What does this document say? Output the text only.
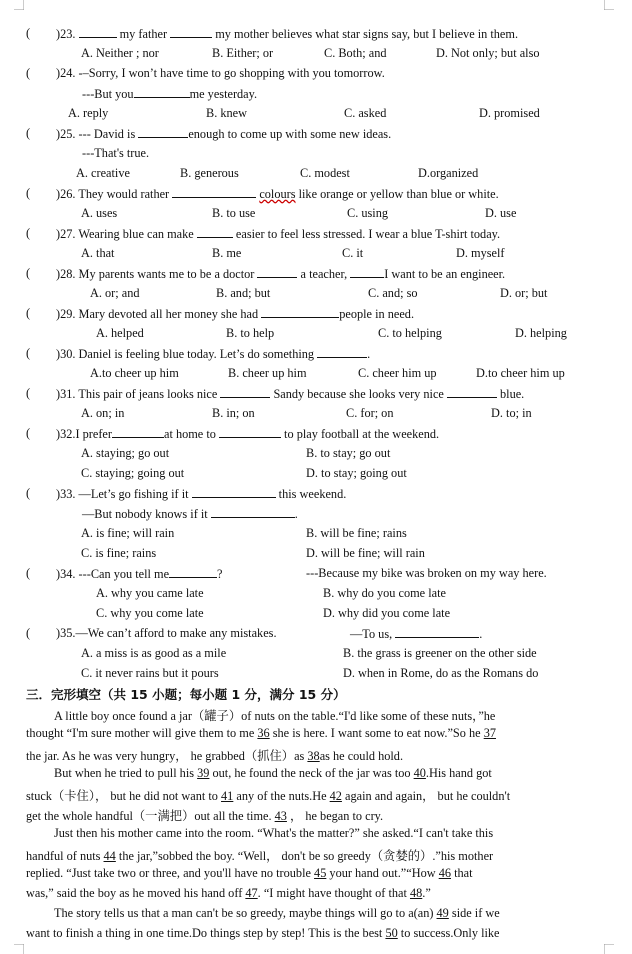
( )23.	my father	my mother believes what star signs say, but I believe in them.
A. Neither ; nor	B. Either; or	C. Both; and	D. Not only; but also
( )24. -–Sorry, I won’t have time to go shopping with you tomorrow.
---But you	me yesterday.
A. reply	B. knew	C. asked	D. promised
( )25. --- David is	enough to come up with some new ideas.
---That's true.
A. creative	B. generous	C. modest	D.organized
( )26. They would rather	colours like orange or yellow than blue or white.
A. uses	B. to use	C. using	D. use
( )27. Wearing blue can make	easier to feel less stressed. I wear a blue T-shirt today.
A. that	B. me	C. it	D. myself
( )28. My parents wants me to be a doctor	a teacher,	I want to be an engineer.
A. or; and	B. and; but	C. and; so	D. or; but
( )29. Mary devoted all her money she had	people in need.
A. helped	B. to help	C. to helping	D. helping
( )30. Daniel is feeling blue today. Let’s do something	.
A.to cheer up him	B. cheer up him	C. cheer him up	D.to cheer him up
( )31. This pair of jeans looks nice	Sandy because she looks very nice	blue.
A. on; in	B. in; on	C. for; on	D. to; in
( )32.I prefer	at home to	to play football at the weekend.
A. staying; go out	B. to stay; go out
C. staying; going out	D. to stay; going out
( )33. —Let’s go fishing if it	this weekend.
—But nobody knows if it	.
A. is fine; will rain	B. will be fine; rains
C. is fine; rains	D. will be fine; will rain
( )34. ---Can you tell me	?	---Because my bike was broken on my way here.
A. why you came late	B. why do you come late
C. why you come late	D. why did you come late
( )35.—We can’t afford to make any mistakes.	—To us,	.
A. a miss is as good as a mile	B. the grass is greener on the other side
C. it never rains but it pours	D. when in Rome, do as the Romans do
三．完形填空（共 15 小题；每小题 1 分，满分 15 分）
A little boy once found a jar（罐子）of nuts on the table.“I'd like some of these nuts，”he
thought “I'm sure mother will give them to me 36 she is here. I want some to eat now.”So he 37
the jar. As he was very hungry， he grabbed（抓住）as 38as he could hold.
But when he tried to pull his 39 out, he found the neck of the jar was too 40.His hand got
stuck（卡住）， but he did not want to 41 any of the nuts.He 42 again and again， but he couldn't
get the whole handful（一满把）out all the time. 43 ， he began to cry.
Just then his mother came into the room. “What's the matter?” she asked.“I can't take this
handful of nuts 44 the jar,”sobbed the boy. “Well， don't be so greedy（贪婪的）.”his mother
replied. “Just take two or three, and you'll have no trouble 45 your hand out.”“How 46 that
was,” said the boy as he moved his hand off 47. “I might have thought of that 48.”
The story tells us that a man can't be so greedy, maybe things will go to a(an) 49 side if we
want to finish a thing in one time.Do things step by step! This is the best 50 to success.Only like
